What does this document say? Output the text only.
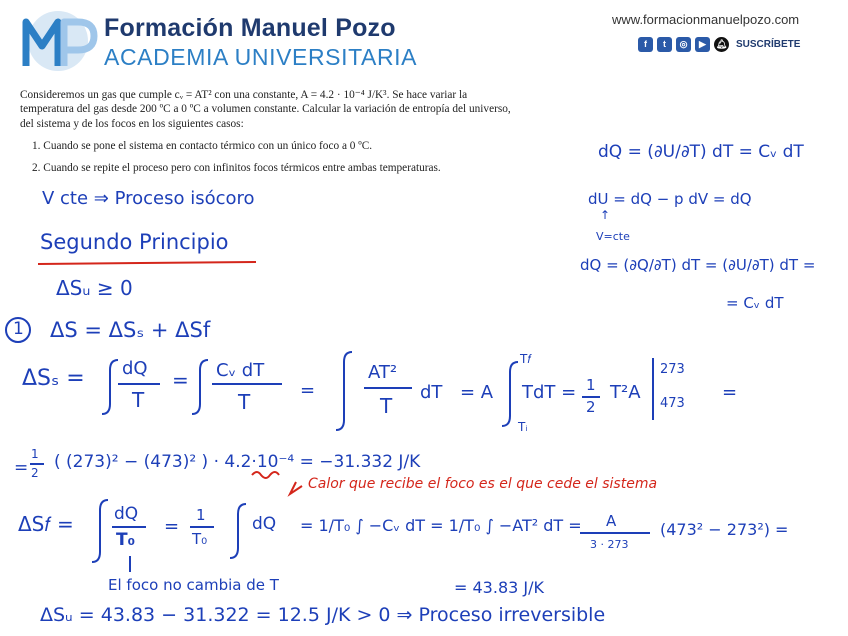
Formación Manuel Pozo
ACADEMIA UNIVERSITARIA
www.formacionmanuelpozo.com
f	t	◎	▶	🔔︎ SUSCRÍBETE
Consideremos un gas que cumple cᵥ = AT² con una constante, A = 4.2 · 10⁻⁴ J/K³. Se hace variar la
temperatura del gas desde 200 ºC a 0 ºC a volumen constante. Calcular la variación de entropía del universo,
del sistema y de los focos en los siguientes casos:
1. Cuando se pone el sistema en contacto térmico con un único foco a 0 ºC.
2. Cuando se repite el proceso pero con infinitos focos térmicos entre ambas temperaturas.
V cte ⇒ Proceso isócoro
Segundo Principio
ΔSᵤ ≥ 0
1 ΔS = ΔSₛ + ΔSf
ΔSₛ = dQ
T
= Cᵥ dT
T	=
AT²
T
dT = A
T𝑓
Tᵢ
TdT = 1
2
T²A
273
473
=
=
1
2
( (273)² − (473)² ) · 4.2·10⁻⁴ = −31.332 J/K
Calor que recibe el foco es el que cede el sistema
ΔS𝑓 = dQ
T₀
=
1
T₀
dQ = 1/T₀ ∫ −Cᵥ dT = 1/T₀ ∫ −AT² dT = A
3 · 273
(473² − 273²) =
El foco no cambia de T	= 43.83 J/K
ΔSᵤ = 43.83 − 31.322 = 12.5 J/K > 0 ⇒ Proceso irreversible
dQ = (∂U/∂T) dT = Cᵥ dT
dU = dQ − p dV = dQ
↑
V=cte
dQ = (∂Q/∂T) dT = (∂U/∂T) dT =
= Cᵥ dT
